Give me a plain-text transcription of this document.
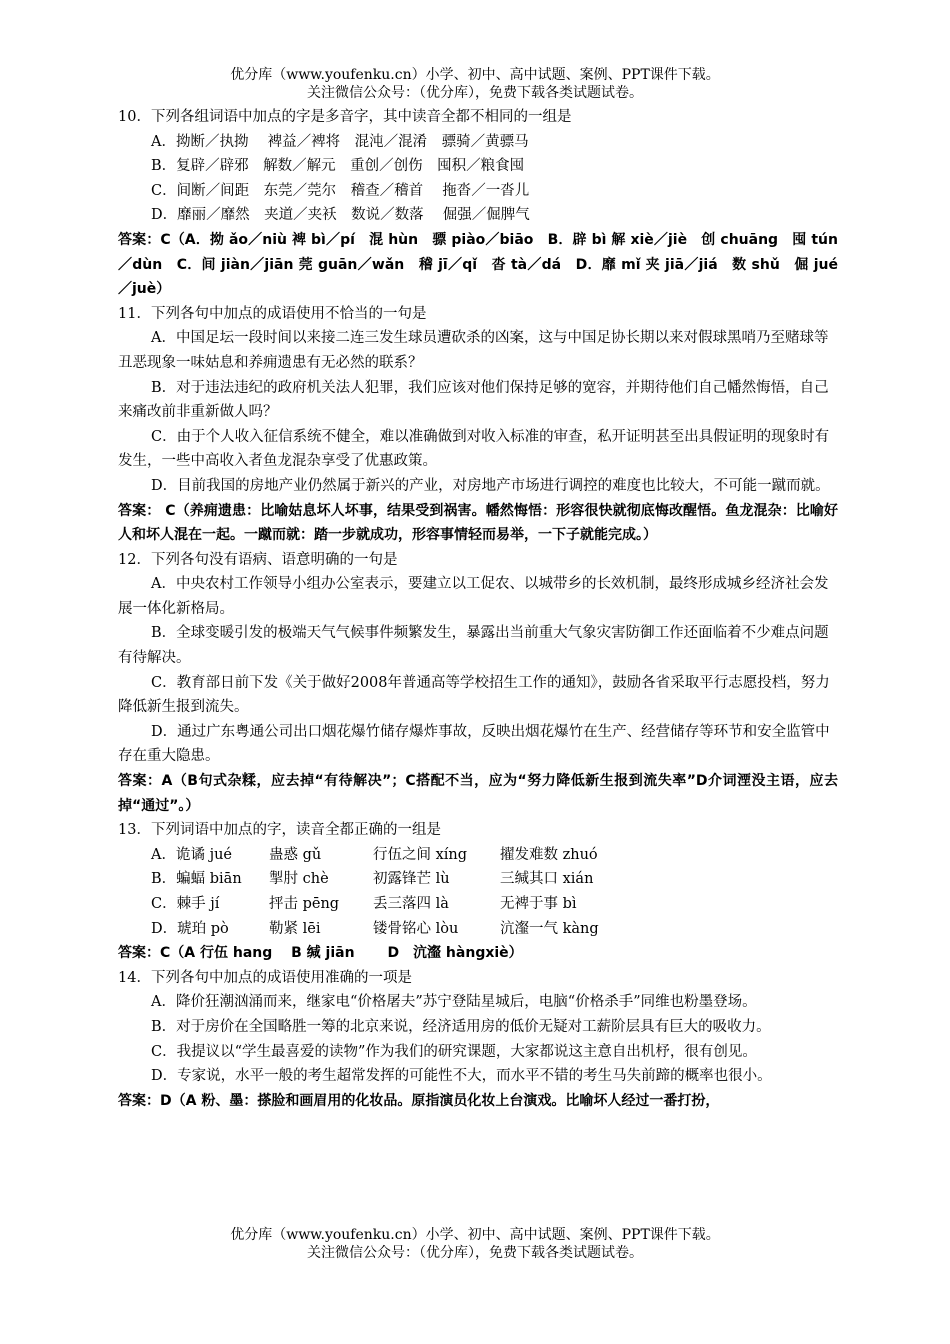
优分库（www.youfenku.cn）小学、初中、高中试题、案例、PPT课件下载。
关注微信公众号：（优分库），免费下载各类试题试卷。
10．下列各组词语中加点的字是多音字，其中读音全都不相同的一组是
A．拗断／执拗　 裨益／裨将　混沌／混淆　骠骑／黄骠马
B．复辟／辟邪　解数／解元　重创／创伤　囤积／粮食囤
C．间断／间距　东莞／莞尔　稽查／稽首　 拖沓／一沓儿
D．靡丽／靡然　夹道／夹袄　数说／数落　 倔强／倔脾气
答案：C（A．拗 ǎo／niù 裨 bì／pí　混 hùn　骠 piào／biāo　B．辟 bì 解 xiè／jiè　创 chuāng　囤 tún／dùn　C．间 jiàn／jiān 莞 guān／wǎn　稽 jī／qǐ　沓 tà／dá　D．靡 mǐ 夹 jiā／jiá　数 shǔ　倔 jué／juè）
11．下列各句中加点的成语使用不恰当的一句是
A．中国足坛一段时间以来接二连三发生球员遭砍杀的凶案，这与中国足协长期以来对假球黑哨乃至赌球等丑恶现象一味姑息和养痈遗患有无必然的联系？
B．对于违法违纪的政府机关法人犯罪，我们应该对他们保持足够的宽容，并期待他们自己幡然悔悟，自己来痛改前非重新做人吗？
C．由于个人收入征信系统不健全，难以准确做到对收入标准的审查，私开证明甚至出具假证明的现象时有发生，一些中高收入者鱼龙混杂享受了优惠政策。
D．目前我国的房地产业仍然属于新兴的产业，对房地产市场进行调控的难度也比较大，不可能一蹴而就。
答案： C（养痈遗患：比喻姑息坏人坏事，结果受到祸害。幡然悔悟：形容很快就彻底悔改醒悟。鱼龙混杂：比喻好人和坏人混在一起。一蹴而就：踏一步就成功，形容事情轻而易举，一下子就能完成。）
12．下列各句没有语病、语意明确的一句是
A．中央农村工作领导小组办公室表示，要建立以工促农、以城带乡的长效机制，最终形成城乡经济社会发展一体化新格局。
B．全球变暖引发的极端天气气候事件频繁发生，暴露出当前重大气象灾害防御工作还面临着不少难点问题有待解决。
C．教育部日前下发《关于做好2008年普通高等学校招生工作的通知》，鼓励各省采取平行志愿投档，努力降低新生报到流失。
D．通过广东粤通公司出口烟花爆竹储存爆炸事故，反映出烟花爆竹在生产、经营储存等环节和安全监管中存在重大隐患。
答案：A（B句式杂糅，应去掉“有待解决”；C搭配不当，应为“努力降低新生报到流失率”D介词湮没主语，应去掉“通过”。）
13．下列词语中加点的字，读音全都正确的一组是
A．诡谲 jué	蛊惑 gǔ	行伍之间 xíng	擢发难数 zhuó
B．蝙蝠 biān	掣肘 chè	初露锋芒 lù	三缄其口 xián
C．棘手 jí	抨击 pēng	丢三落四 là	无裨于事 bì
D．琥珀 pò	勒紧 lēi	镂骨铭心 lòu	沆瀣一气 kàng
答案：C（A 行伍 hang　 B 缄 jiān　 　D　沆瀣 hàngxiè）
14．下列各句中加点的成语使用准确的一项是
A．降价狂潮汹涌而来，继家电“价格屠夫”苏宁登陆星城后，电脑“价格杀手”同维也粉墨登场。
B．对于房价在全国略胜一筹的北京来说，经济适用房的低价无疑对工薪阶层具有巨大的吸收力。
C．我提议以“学生最喜爱的读物”作为我们的研究课题，大家都说这主意自出机杼，很有创见。
D．专家说，水平一般的考生超常发挥的可能性不大，而水平不错的考生马失前蹄的概率也很小。
答案：D（A 粉、墨：搽脸和画眉用的化妆品。原指演员化妆上台演戏。比喻坏人经过一番打扮，
优分库（www.youfenku.cn）小学、初中、高中试题、案例、PPT课件下载。
关注微信公众号：（优分库），免费下载各类试题试卷。
